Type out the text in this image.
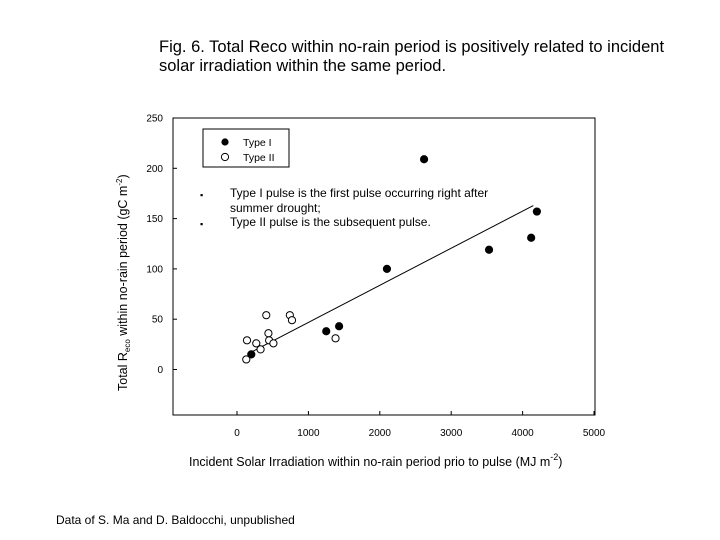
Fig. 6. Total Reco within no-rain period is positively related to incident solar irradiation within the same period.
▪	Type I pulse is the first pulse occurring right after summer drought;
▪	Type II pulse is the subsequent pulse.
0
50
100
150
200
250
0	1000	2000	3000	4000	5000
Type I
Type II
Total $R_{eco}$ within no-rain period (gC $m^{-2}$)
Incident Solar Irradiation within no-rain period prio to pulse (MJ $m^{-2}$)
Data of S. Ma and D. Baldocchi, unpublished
